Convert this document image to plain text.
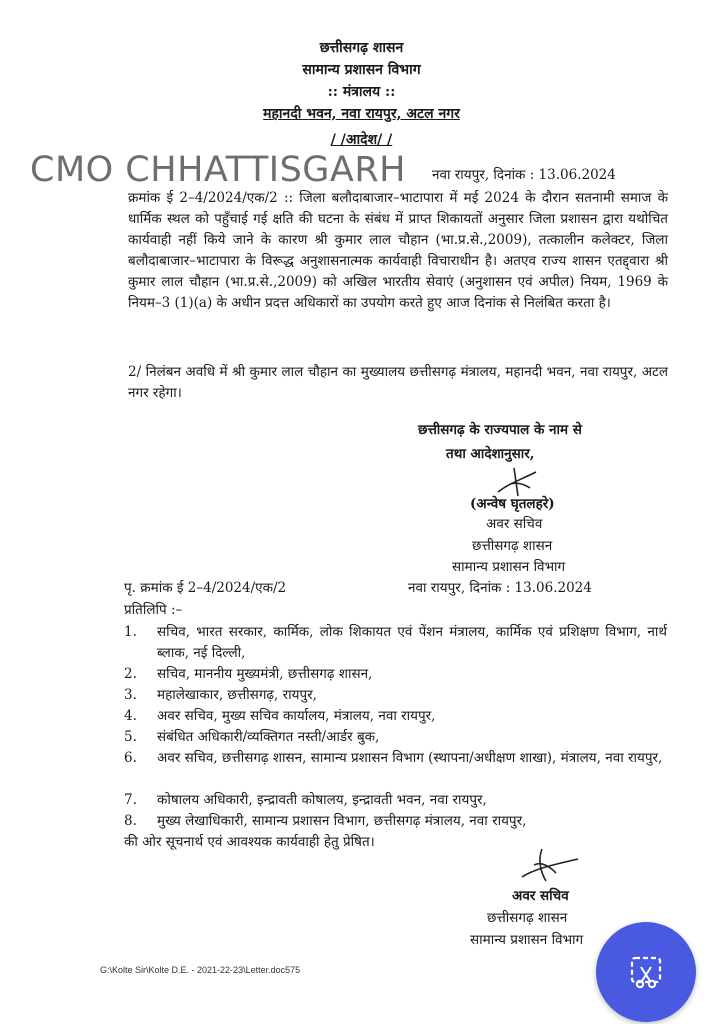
छत्तीसगढ़ शासन
सामान्य प्रशासन विभाग
:: मंत्रालय ::
महानदी भवन, नवा रायपुर, अटल नगर
/ /आदेश/ /
CMO CHHATTISGARH नवा रायपुर, दिनांक : 13.06.2024
क्रमांक ई 2–4/2024/एक/2 :: जिला बलौदाबाजार–भाटापारा में मई 2024 के दौरान सतनामी समाज के धार्मिक स्थल को पहुँचाई गई क्षति की घटना के संबंध में प्राप्त शिकायतों अनुसार जिला प्रशासन द्वारा यथोचित कार्यवाही नहीं किये जाने के कारण श्री कुमार लाल चौहान (भा.प्र.से.,2009), तत्कालीन कलेक्टर, जिला बलौदाबाजार–भाटापारा के विरूद्ध अनुशासनात्मक कार्यवाही विचाराधीन है। अतएव राज्य शासन एतद्द्वारा श्री कुमार लाल चौहान (भा.प्र.से.,2009) को अखिल भारतीय सेवाएं (अनुशासन एवं अपील) नियम, 1969 के नियम–3 (1)(a) के अधीन प्रदत्त अधिकारों का उपयोग करते हुए आज दिनांक से निलंबित करता है।
2/ निलंबन अवधि में श्री कुमार लाल चौहान का मुख्यालय छत्तीसगढ़ मंत्रालय, महानदी भवन, नवा रायपुर, अटल नगर रहेगा।
छत्तीसगढ़ के राज्यपाल के नाम से
तथा आदेशानुसार,
(अन्वेष घृतलहरे)
अवर सचिव
छत्तीसगढ़ शासन
सामान्य प्रशासन विभाग
पृ. क्रमांक ई 2–4/2024/एक/2	नवा रायपुर, दिनांक : 13.06.2024
प्रतिलिपि :–
1. सचिव, भारत सरकार, कार्मिक, लोक शिकायत एवं पेंशन मंत्रालय, कार्मिक एवं प्रशिक्षण विभाग, नार्थ ब्लाक, नई दिल्ली,
2. सचिव, माननीय मुख्यमंत्री, छत्तीसगढ़ शासन,
3. महालेखाकार, छत्तीसगढ़, रायपुर,
4. अवर सचिव, मुख्य सचिव कार्यालय, मंत्रालय, नवा रायपुर,
5. संबंधित अधिकारी/व्यक्तिगत नस्ती/आर्डर बुक,
6. अवर सचिव, छत्तीसगढ़ शासन, सामान्य प्रशासन विभाग (स्थापना/अधीक्षण शाखा), मंत्रालय, नवा रायपुर,
7. कोषालय अधिकारी, इन्द्रावती कोषालय, इन्द्रावती भवन, नवा रायपुर,
8. मुख्य लेखाधिकारी, सामान्य प्रशासन विभाग, छत्तीसगढ़ मंत्रालय, नवा रायपुर,
की ओर सूचनार्थ एवं आवश्यक कार्यवाही हेतु प्रेषित।
अवर सचिव
छत्तीसगढ़ शासन
सामान्य प्रशासन विभाग
G:\Kolte Sir\Kolte D.E. - 2021-22-23\Letter.doc575
